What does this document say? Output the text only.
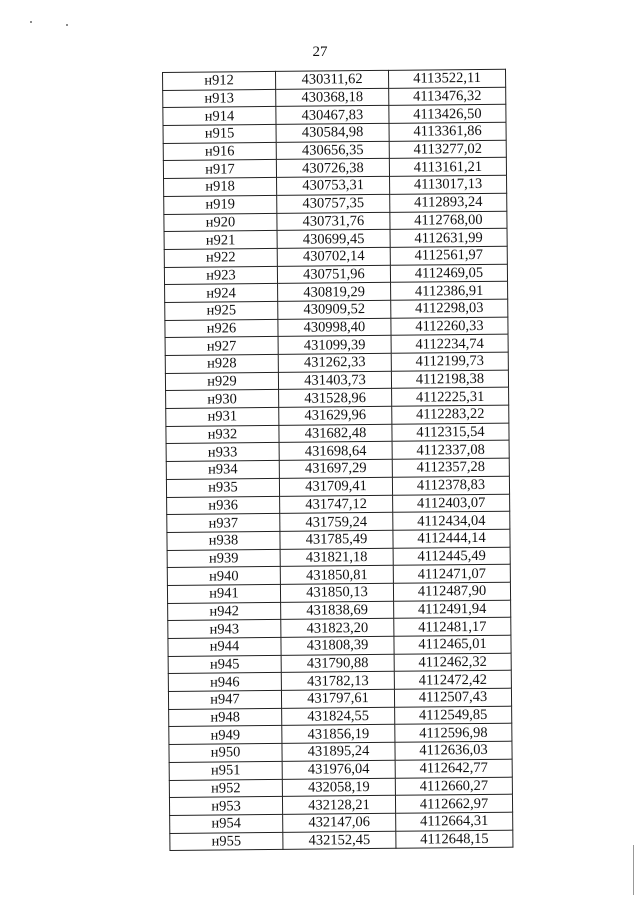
27
н912	430311,62	4113522,11
н913	430368,18	4113476,32
н914	430467,83	4113426,50
н915	430584,98	4113361,86
н916	430656,35	4113277,02
н917	430726,38	4113161,21
н918	430753,31	4113017,13
н919	430757,35	4112893,24
н920	430731,76	4112768,00
н921	430699,45	4112631,99
н922	430702,14	4112561,97
н923	430751,96	4112469,05
н924	430819,29	4112386,91
н925	430909,52	4112298,03
н926	430998,40	4112260,33
н927	431099,39	4112234,74
н928	431262,33	4112199,73
н929	431403,73	4112198,38
н930	431528,96	4112225,31
н931	431629,96	4112283,22
н932	431682,48	4112315,54
н933	431698,64	4112337,08
н934	431697,29	4112357,28
н935	431709,41	4112378,83
н936	431747,12	4112403,07
н937	431759,24	4112434,04
н938	431785,49	4112444,14
н939	431821,18	4112445,49
н940	431850,81	4112471,07
н941	431850,13	4112487,90
н942	431838,69	4112491,94
н943	431823,20	4112481,17
н944	431808,39	4112465,01
н945	431790,88	4112462,32
н946	431782,13	4112472,42
н947	431797,61	4112507,43
н948	431824,55	4112549,85
н949	431856,19	4112596,98
н950	431895,24	4112636,03
н951	431976,04	4112642,77
н952	432058,19	4112660,27
н953	432128,21	4112662,97
н954	432147,06	4112664,31
н955	432152,45	4112648,15
